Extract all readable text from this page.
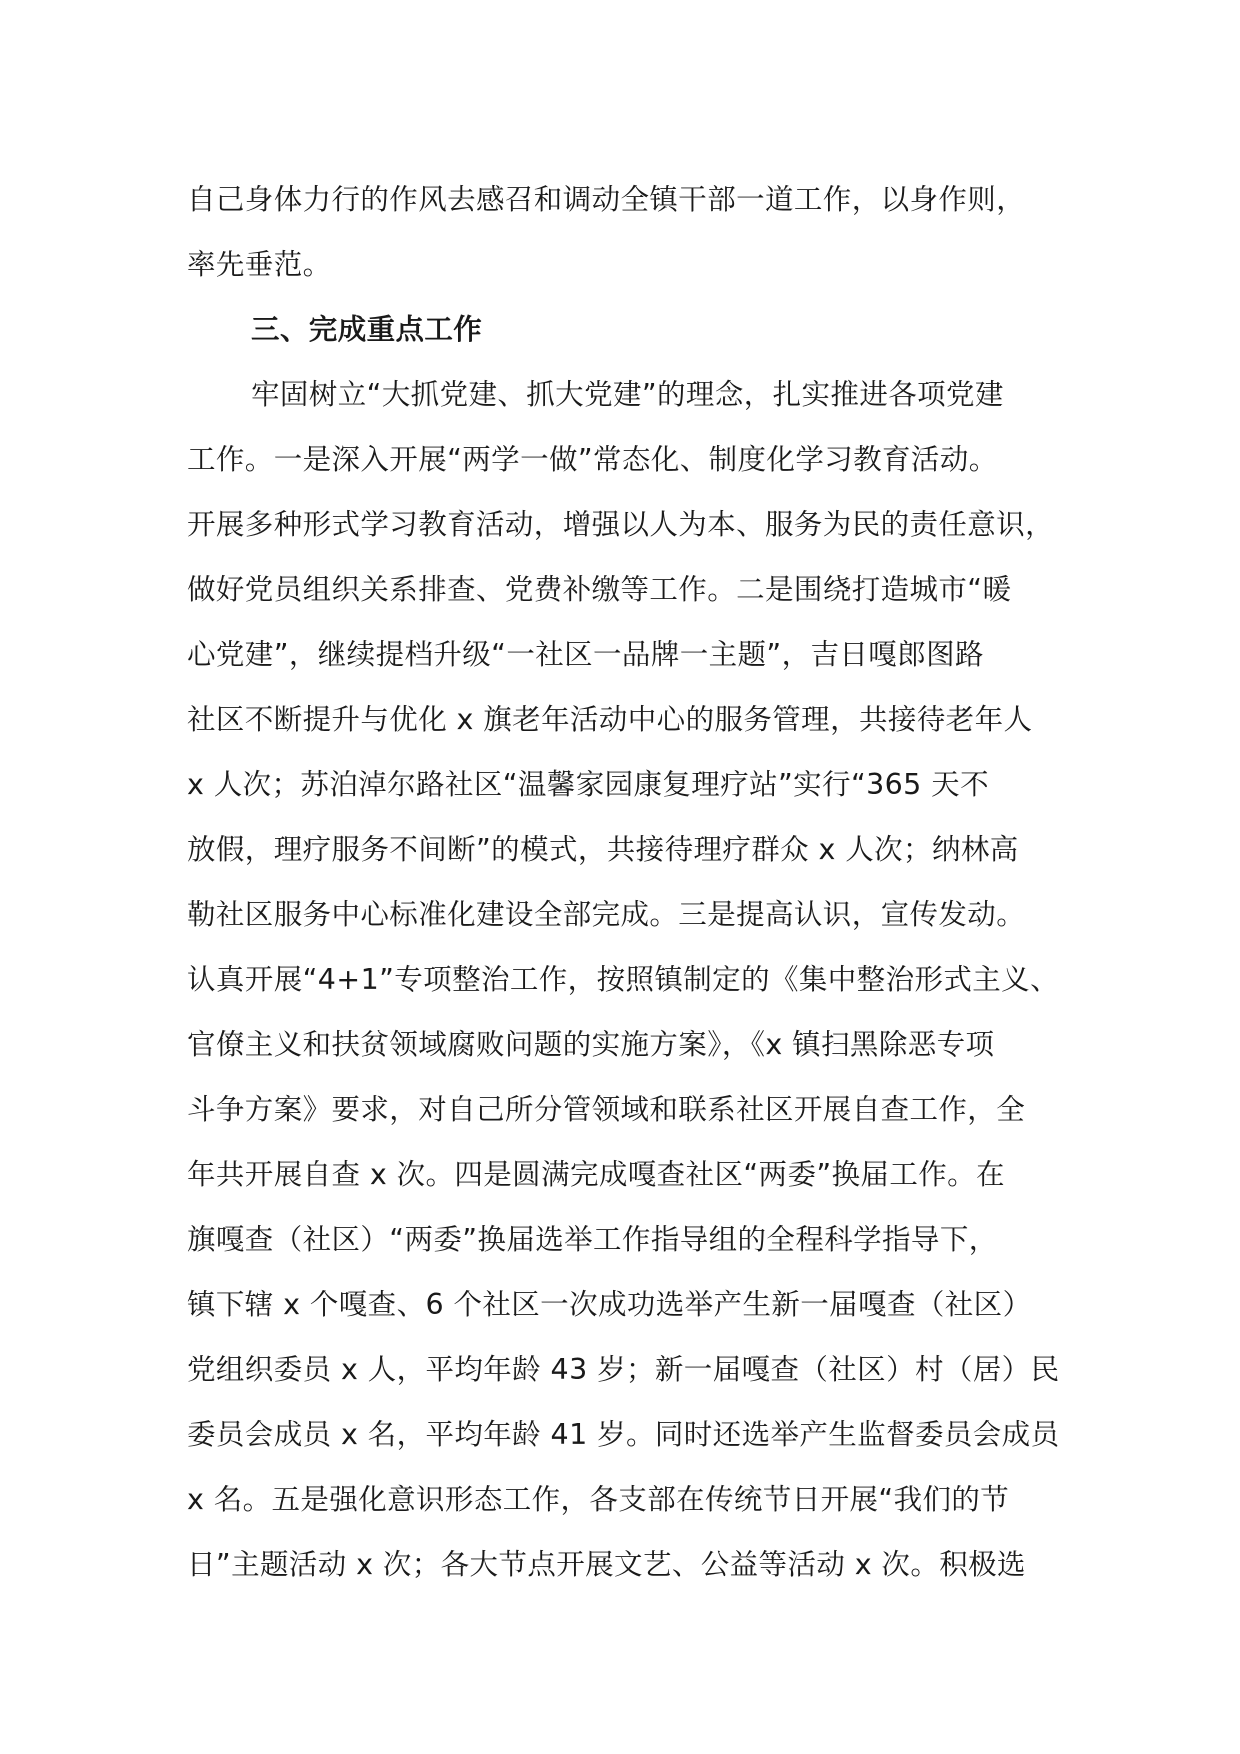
自己身体力行的作风去感召和调动全镇干部一道工作，以身作则，
率先垂范。
三、完成重点工作
牢固树立“大抓党建、抓大党建”的理念，扎实推进各项党建
工作。一是深入开展“两学一做”常态化、制度化学习教育活动。
开展多种形式学习教育活动，增强以人为本、服务为民的责任意识，
做好党员组织关系排查、党费补缴等工作。二是围绕打造城市“暖
心党建”，继续提档升级“一社区一品牌一主题”，吉日嘎郎图路
社区不断提升与优化 x 旗老年活动中心的服务管理，共接待老年人
x 人次；苏泊淖尔路社区“温馨家园康复理疗站”实行“365 天不
放假，理疗服务不间断”的模式，共接待理疗群众 x 人次；纳林高
勒社区服务中心标准化建设全部完成。三是提高认识，宣传发动。
认真开展“4+1”专项整治工作，按照镇制定的《集中整治形式主义、
官僚主义和扶贫领域腐败问题的实施方案》，《x 镇扫黑除恶专项
斗争方案》要求，对自己所分管领域和联系社区开展自查工作，全
年共开展自查 x 次。四是圆满完成嘎查社区“两委”换届工作。在
旗嘎查（社区）“两委”换届选举工作指导组的全程科学指导下，
镇下辖 x 个嘎查、6 个社区一次成功选举产生新一届嘎查（社区）
党组织委员 x 人，平均年龄 43 岁；新一届嘎查（社区）村（居）民
委员会成员 x 名，平均年龄 41 岁。同时还选举产生监督委员会成员
x 名。五是强化意识形态工作，各支部在传统节日开展“我们的节
日”主题活动 x 次；各大节点开展文艺、公益等活动 x 次。积极选
